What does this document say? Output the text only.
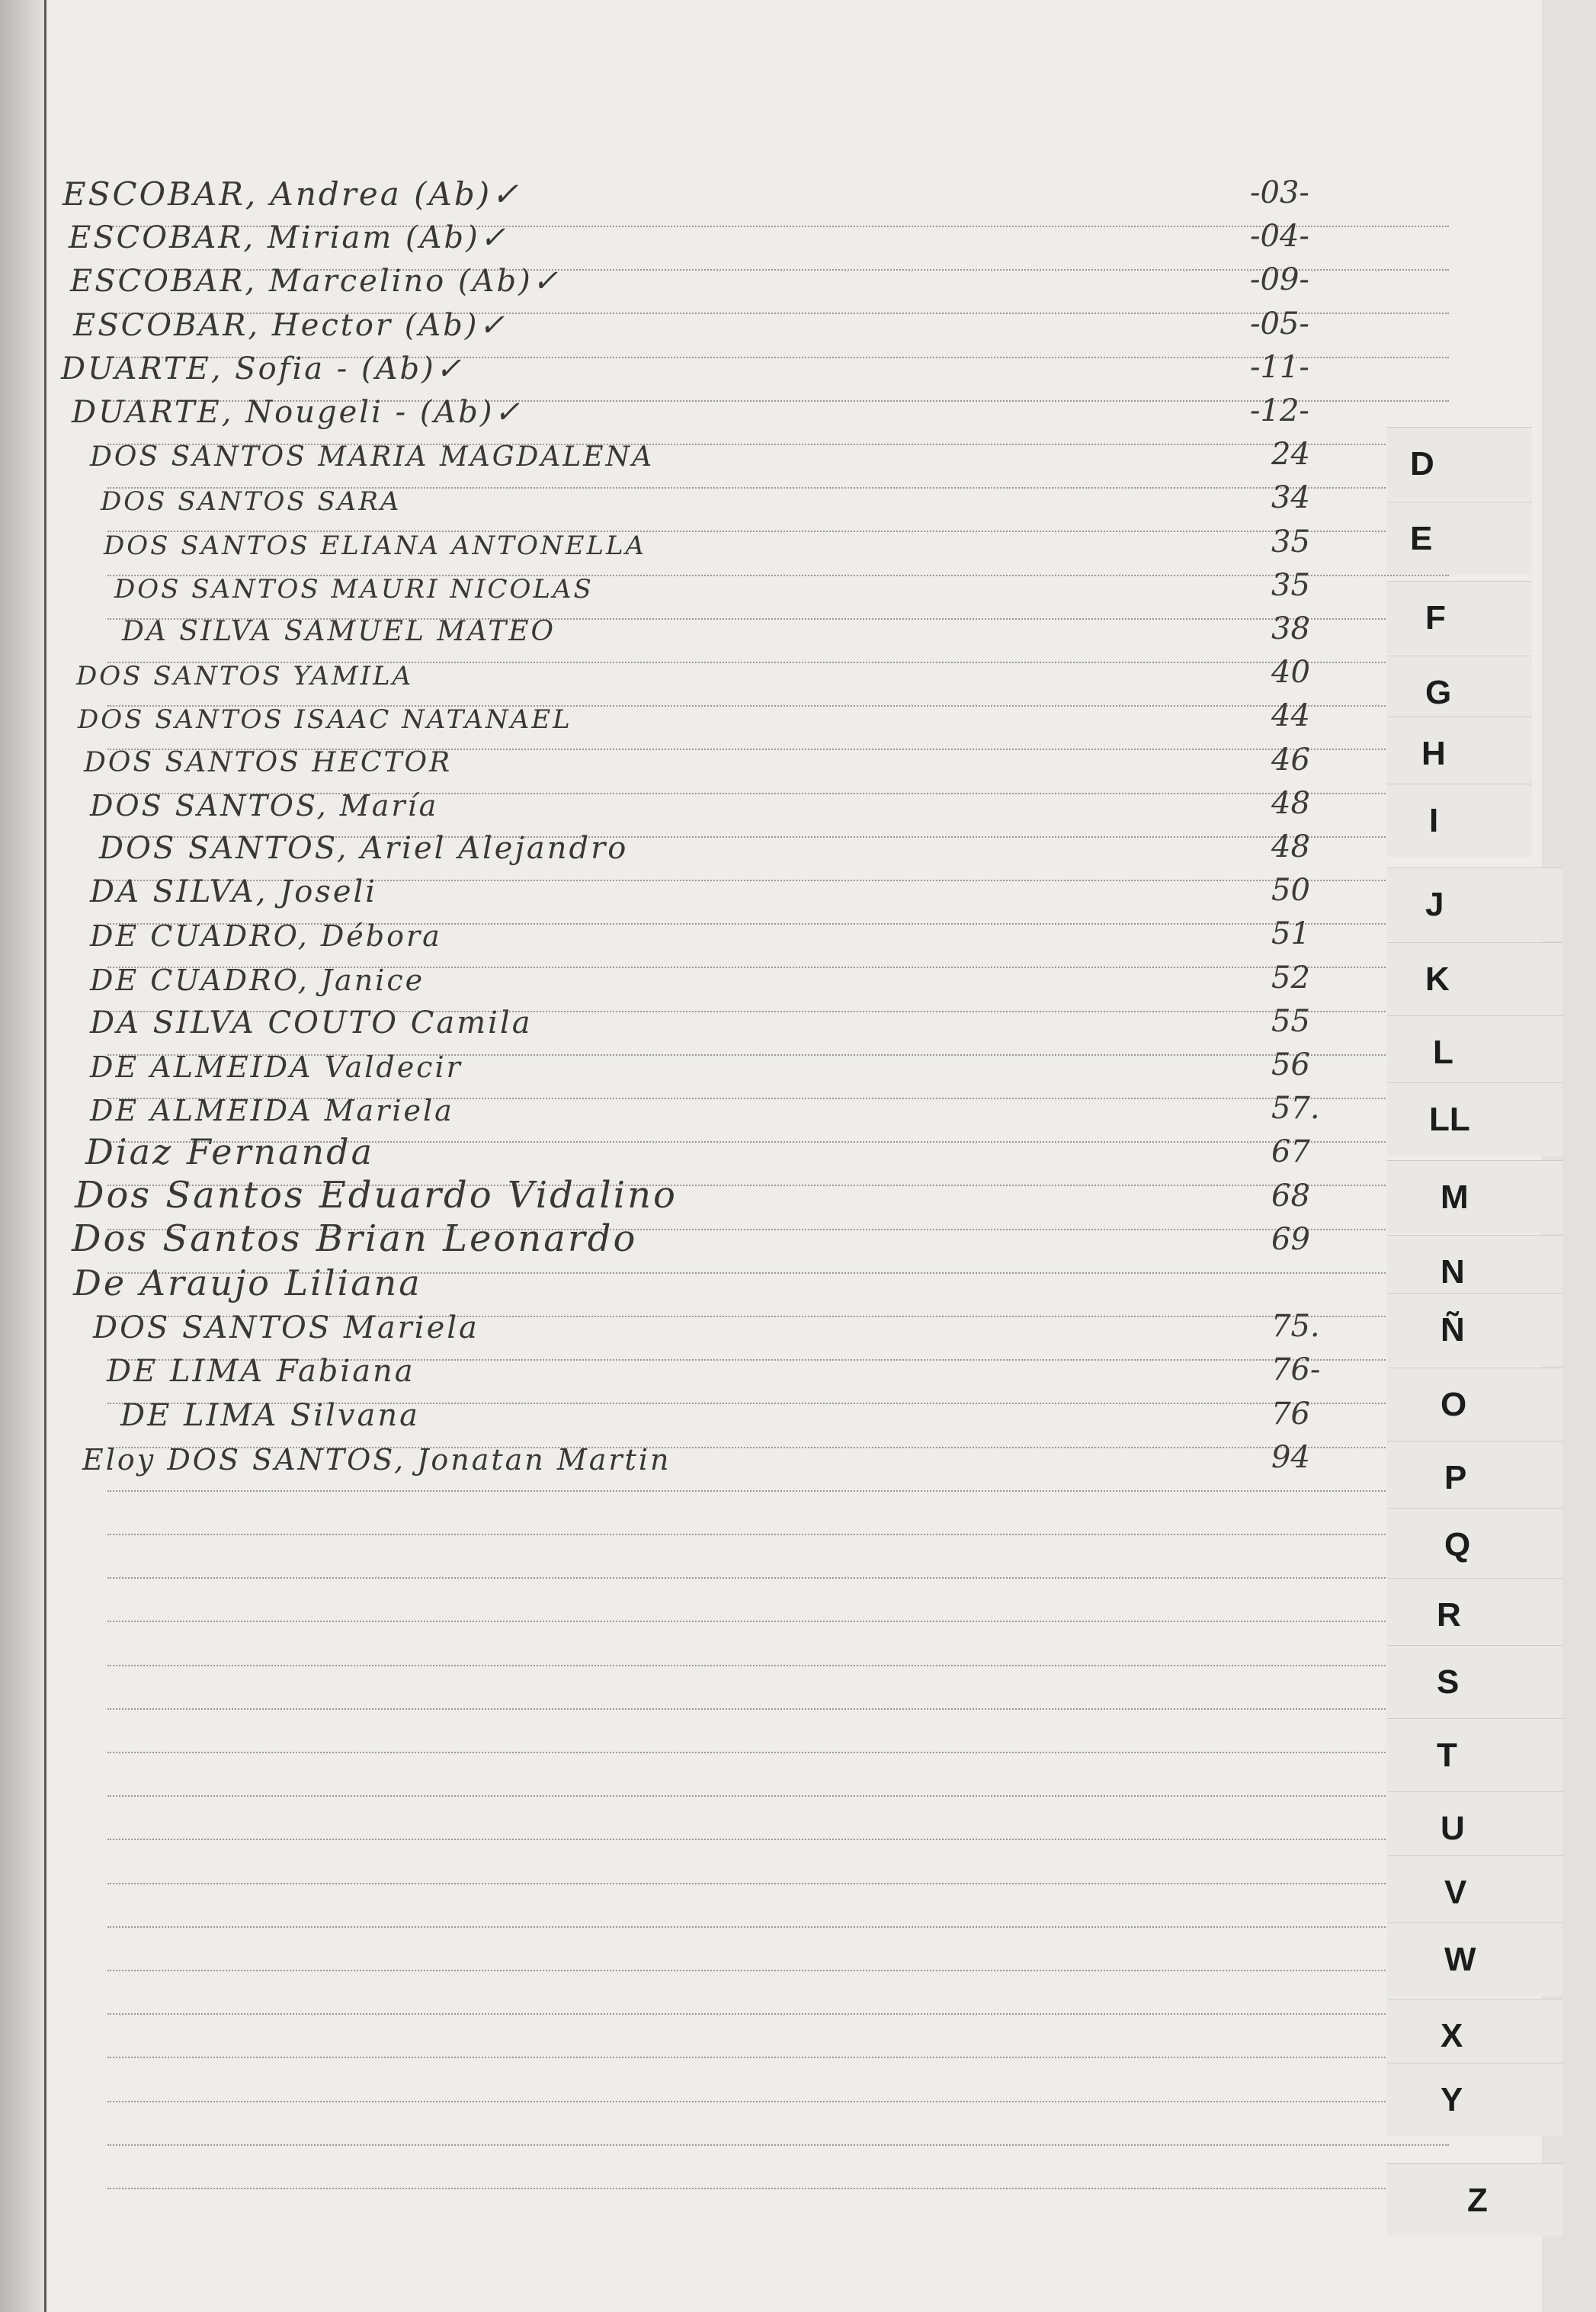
ESCOBAR, Andrea (Ab)✓	-03-
ESCOBAR, Miriam (Ab)✓	-04-
ESCOBAR, Marcelino (Ab)✓	-09-
ESCOBAR, Hector (Ab)✓	-05-
DUARTE, Sofia - (Ab)✓	-11-
DUARTE, Nougeli - (Ab)✓	-12-
DOS SANTOS MARIA MAGDALENA	24
DOS SANTOS SARA	34
DOS SANTOS ELIANA ANTONELLA	35
DOS SANTOS MAURI NICOLAS	35
DA SILVA SAMUEL MATEO	38
DOS SANTOS YAMILA	40
DOS SANTOS ISAAC NATANAEL	44
DOS SANTOS HECTOR	46
DOS SANTOS, María	48
DOS SANTOS, Ariel Alejandro	48
DA SILVA, Joseli	50
DE CUADRO, Débora	51
DE CUADRO, Janice	52
DA SILVA COUTO Camila	55
DE ALMEIDA Valdecir	56
DE ALMEIDA Mariela	57.
Diaz Fernanda	67
Dos Santos Eduardo Vidalino	68
Dos Santos Brian Leonardo	69
De Araujo Liliana
DOS SANTOS Mariela	75.
DE LIMA Fabiana	76-
DE LIMA Silvana	76
Eloy DOS SANTOS, Jonatan Martin	94
D
E
F
G
H
I
J
K
L
LL
M
N
Ñ
O
P
Q
R
S
T
U
V
W
X
Y
Z
